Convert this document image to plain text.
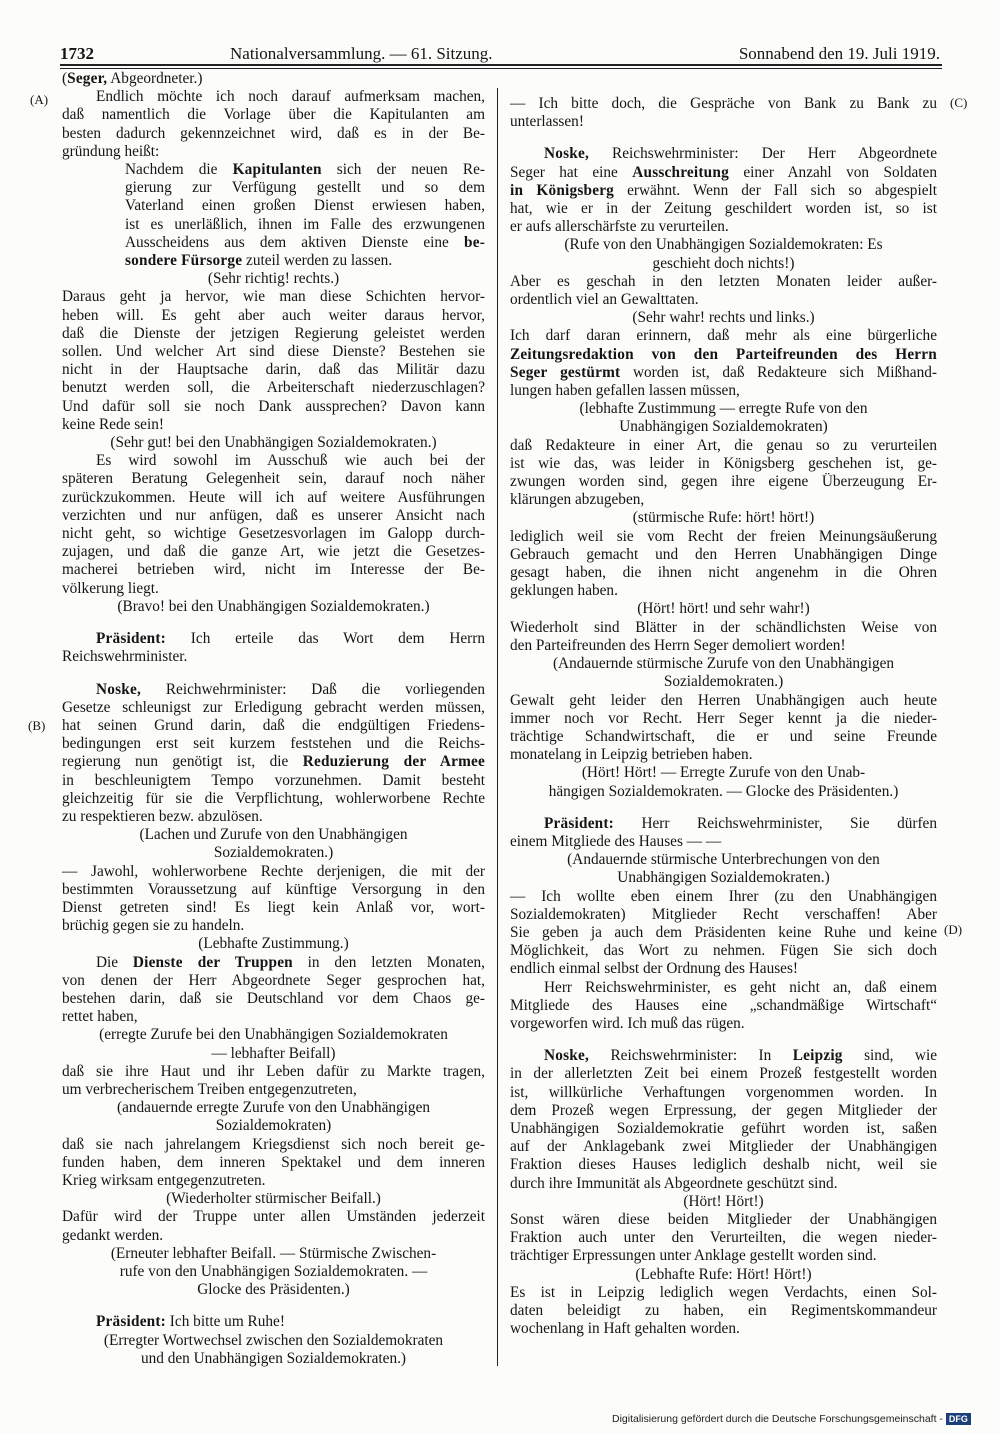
1732	Nationalversammlung. — 61. Sitzung.	Sonnabend den 19. Juli 1919.
(A)
(B)
(C)
(D)
(Seger, Abgeordneter.)
Endlich möchte ich noch darauf aufmerksam machen,
daß namentlich die Vorlage über die Kapitulanten am
besten dadurch gekennzeichnet wird, daß es in der Be-
gründung heißt:
Nachdem die Kapitulanten sich der neuen Re-
gierung zur Verfügung gestellt und so dem
Vaterland einen großen Dienst erwiesen haben,
ist es unerläßlich, ihnen im Falle des erzwungenen
Ausscheidens aus dem aktiven Dienste eine be-
sondere Fürsorge zuteil werden zu lassen.
(Sehr richtig! rechts.)
Daraus geht ja hervor, wie man diese Schichten hervor-
heben will. Es geht aber auch weiter daraus hervor,
daß die Dienste der jetzigen Regierung geleistet werden
sollen. Und welcher Art sind diese Dienste? Bestehen sie
nicht in der Hauptsache darin, daß das Militär dazu
benutzt werden soll, die Arbeiterschaft niederzuschlagen?
Und dafür soll sie noch Dank aussprechen? Davon kann
keine Rede sein!
(Sehr gut! bei den Unabhängigen Sozialdemokraten.)
Es wird sowohl im Ausschuß wie auch bei der
späteren Beratung Gelegenheit sein, darauf noch näher
zurückzukommen. Heute will ich auf weitere Ausführungen
verzichten und nur anfügen, daß es unserer Ansicht nach
nicht geht, so wichtige Gesetzesvorlagen im Galopp durch-
zujagen, und daß die ganze Art, wie jetzt die Gesetzes-
macherei betrieben wird, nicht im Interesse der Be-
völkerung liegt.
(Bravo! bei den Unabhängigen Sozialdemokraten.)
Präsident: Ich erteile das Wort dem Herrn
Reichswehrminister.
Noske, Reichwehrminister: Daß die vorliegenden
Gesetze schleunigst zur Erledigung gebracht werden müssen,
hat seinen Grund darin, daß die endgültigen Friedens-
bedingungen erst seit kurzem feststehen und die Reichs-
regierung nun genötigt ist, die Reduzierung der Armee
in beschleunigtem Tempo vorzunehmen. Damit besteht
gleichzeitig für sie die Verpflichtung, wohlerworbene Rechte
zu respektieren bezw. abzulösen.
(Lachen und Zurufe von den Unabhängigen
Sozialdemokraten.)
— Jawohl, wohlerworbene Rechte derjenigen, die mit der
bestimmten Voraussetzung auf künftige Versorgung in den
Dienst getreten sind! Es liegt kein Anlaß vor, wort-
brüchig gegen sie zu handeln.
(Lebhafte Zustimmung.)
Die Dienste der Truppen in den letzten Monaten,
von denen der Herr Abgeordnete Seger gesprochen hat,
bestehen darin, daß sie Deutschland vor dem Chaos ge-
rettet haben,
(erregte Zurufe bei den Unabhängigen Sozialdemokraten
— lebhafter Beifall)
daß sie ihre Haut und ihr Leben dafür zu Markte tragen,
um verbrecherischem Treiben entgegenzutreten,
(andauernde erregte Zurufe von den Unabhängigen
Sozialdemokraten)
daß sie nach jahrelangem Kriegsdienst sich noch bereit ge-
funden haben, dem inneren Spektakel und dem inneren
Krieg wirksam entgegenzutreten.
(Wiederholter stürmischer Beifall.)
Dafür wird der Truppe unter allen Umständen jederzeit
gedankt werden.
(Erneuter lebhafter Beifall. — Stürmische Zwischen-
rufe von den Unabhängigen Sozialdemokraten. —
Glocke des Präsidenten.)
Präsident: Ich bitte um Ruhe!
(Erregter Wortwechsel zwischen den Sozialdemokraten
und den Unabhängigen Sozialdemokraten.)
— Ich bitte doch, die Gespräche von Bank zu Bank zu
unterlassen!
Noske, Reichswehrminister: Der Herr Abgeordnete
Seger hat eine Ausschreitung einer Anzahl von Soldaten
in Königsberg erwähnt. Wenn der Fall sich so abgespielt
hat, wie er in der Zeitung geschildert worden ist, so ist
er aufs allerschärfste zu verurteilen.
(Rufe von den Unabhängigen Sozialdemokraten: Es
geschieht doch nichts!)
Aber es geschah in den letzten Monaten leider außer-
ordentlich viel an Gewalttaten.
(Sehr wahr! rechts und links.)
Ich darf daran erinnern, daß mehr als eine bürgerliche
Zeitungsredaktion von den Parteifreunden des Herrn
Seger gestürmt worden ist, daß Redakteure sich Mißhand-
lungen haben gefallen lassen müssen,
(lebhafte Zustimmung — erregte Rufe von den
Unabhängigen Sozialdemokraten)
daß Redakteure in einer Art, die genau so zu verurteilen
ist wie das, was leider in Königsberg geschehen ist, ge-
zwungen worden sind, gegen ihre eigene Überzeugung Er-
klärungen abzugeben,
(stürmische Rufe: hört! hört!)
lediglich weil sie vom Recht der freien Meinungsäußerung
Gebrauch gemacht und den Herren Unabhängigen Dinge
gesagt haben, die ihnen nicht angenehm in die Ohren
geklungen haben.
(Hört! hört! und sehr wahr!)
Wiederholt sind Blätter in der schändlichsten Weise von
den Parteifreunden des Herrn Seger demoliert worden!
(Andauernde stürmische Zurufe von den Unabhängigen
Sozialdemokraten.)
Gewalt geht leider den Herren Unabhängigen auch heute
immer noch vor Recht. Herr Seger kennt ja die nieder-
trächtige Schandwirtschaft, die er und seine Freunde
monatelang in Leipzig betrieben haben.
(Hört! Hört! — Erregte Zurufe von den Unab-
hängigen Sozialdemokraten. — Glocke des Präsidenten.)
Präsident: Herr Reichswehrminister, Sie dürfen
einem Mitgliede des Hauses — —
(Andauernde stürmische Unterbrechungen von den
Unabhängigen Sozialdemokraten.)
— Ich wollte eben einem Ihrer (zu den Unabhängigen
Sozialdemokraten) Mitglieder Recht verschaffen! Aber
Sie geben ja auch dem Präsidenten keine Ruhe und keine
Möglichkeit, das Wort zu nehmen. Fügen Sie sich doch
endlich einmal selbst der Ordnung des Hauses!
Herr Reichswehrminister, es geht nicht an, daß einem
Mitgliede des Hauses eine „schandmäßige Wirtschaft“
vorgeworfen wird. Ich muß das rügen.
Noske, Reichswehrminister: In Leipzig sind, wie
in der allerletzten Zeit bei einem Prozeß festgestellt worden
ist, willkürliche Verhaftungen vorgenommen worden. In
dem Prozeß wegen Erpressung, der gegen Mitglieder der
Unabhängigen Sozialdemokratie geführt worden ist, saßen
auf der Anklagebank zwei Mitglieder der Unabhängigen
Fraktion dieses Hauses lediglich deshalb nicht, weil sie
durch ihre Immunität als Abgeordnete geschützt sind.
(Hört! Hört!)
Sonst wären diese beiden Mitglieder der Unabhängigen
Fraktion auch unter den Verurteilten, die wegen nieder-
trächtiger Erpressungen unter Anklage gestellt worden sind.
(Lebhafte Rufe: Hört! Hört!)
Es ist in Leipzig lediglich wegen Verdachts, einen Sol-
daten beleidigt zu haben, ein Regimentskommandeur
wochenlang in Haft gehalten worden.
Digitalisierung gefördert durch die Deutsche Forschungsgemeinschaft - DFG
